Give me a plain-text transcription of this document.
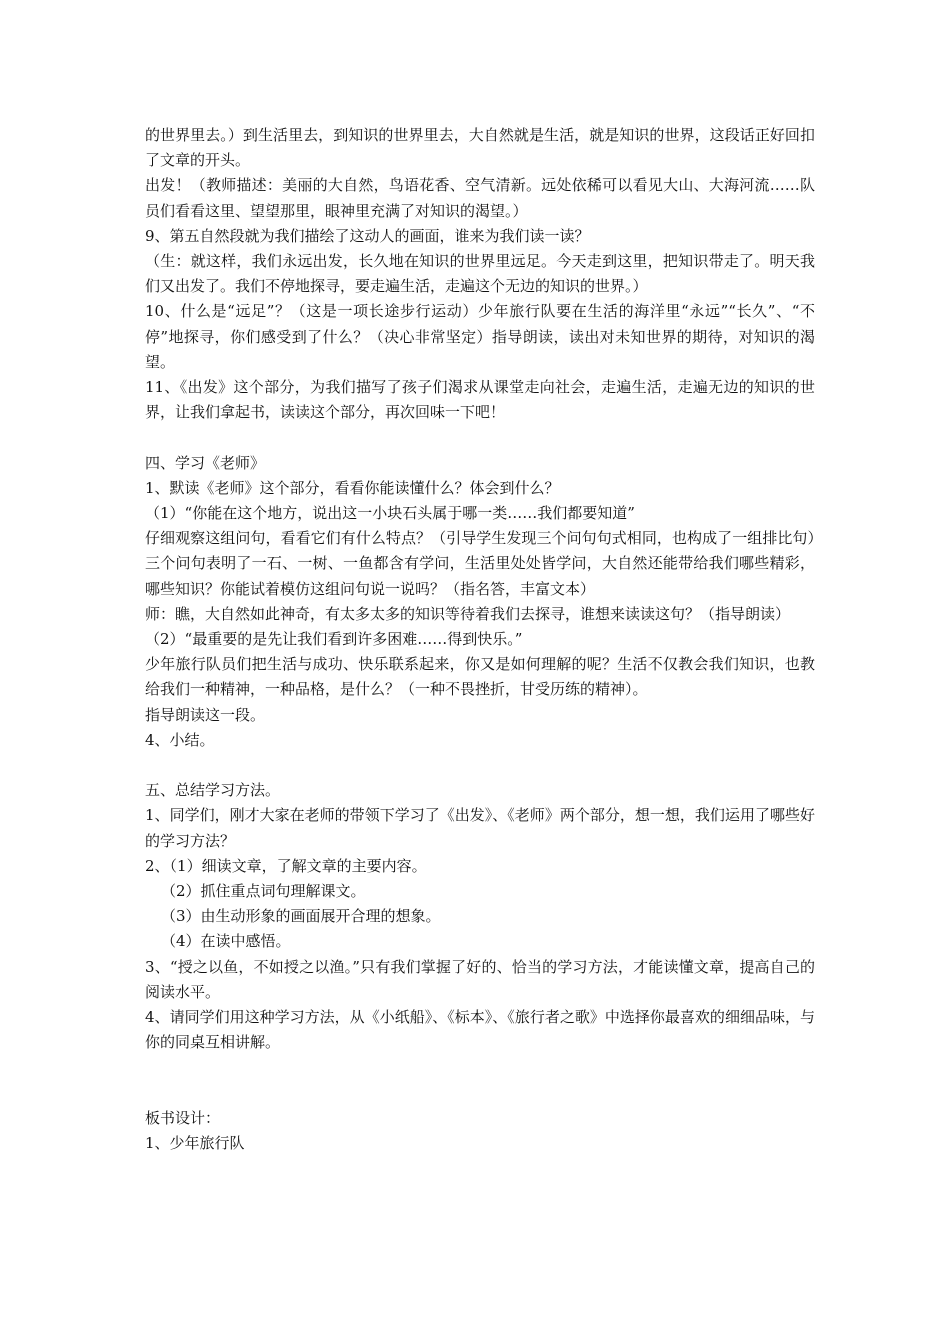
的世界里去。）到生活里去，到知识的世界里去，大自然就是生活，就是知识的世界，这段话正好回扣了文章的开头。

出发！（教师描述：美丽的大自然，鸟语花香、空气清新。远处依稀可以看见大山、大海河流……队员们看看这里、望望那里，眼神里充满了对知识的渴望。）

9、第五自然段就为我们描绘了这动人的画面，谁来为我们读一读？

（生：就这样，我们永远出发，长久地在知识的世界里远足。今天走到这里，把知识带走了。明天我们又出发了。我们不停地探寻，要走遍生活，走遍这个无边的知识的世界。）

10、什么是“远足”？（这是一项长途步行运动）少年旅行队要在生活的海洋里“永远”“长久”、“不停”地探寻，你们感受到了什么？（决心非常坚定）指导朗读，读出对未知世界的期待，对知识的渴望。

11、《出发》这个部分，为我们描写了孩子们渴求从课堂走向社会，走遍生活，走遍无边的知识的世界，让我们拿起书，读读这个部分，再次回味一下吧！

四、学习《老师》

1、默读《老师》这个部分，看看你能读懂什么？体会到什么？

（1）“你能在这个地方，说出这一小块石头属于哪一类……我们都要知道”

仔细观察这组问句，看看它们有什么特点？（引导学生发现三个问句句式相同，也构成了一组排比句）三个问句表明了一石、一树、一鱼都含有学问，生活里处处皆学问，大自然还能带给我们哪些精彩，哪些知识？你能试着模仿这组问句说一说吗？（指名答，丰富文本）

师：瞧，大自然如此神奇，有太多太多的知识等待着我们去探寻，谁想来读读这句？（指导朗读）

（2）“最重要的是先让我们看到许多困难……得到快乐。”

少年旅行队员们把生活与成功、快乐联系起来，你又是如何理解的呢？生活不仅教会我们知识，也教给我们一种精神，一种品格，是什么？（一种不畏挫折，甘受历练的精神）。

指导朗读这一段。

4、小结。

五、总结学习方法。

1、同学们，刚才大家在老师的带领下学习了《出发》、《老师》两个部分，想一想，我们运用了哪些好的学习方法？

2、（1）细读文章，了解文章的主要内容。

（2）抓住重点词句理解课文。

（3）由生动形象的画面展开合理的想象。

（4）在读中感悟。

3、“授之以鱼，不如授之以渔。”只有我们掌握了好的、恰当的学习方法，才能读懂文章，提高自己的阅读水平。

4、请同学们用这种学习方法，从《小纸船》、《标本》、《旅行者之歌》中选择你最喜欢的细细品味，与你的同桌互相讲解。

板书设计：

1、少年旅行队
